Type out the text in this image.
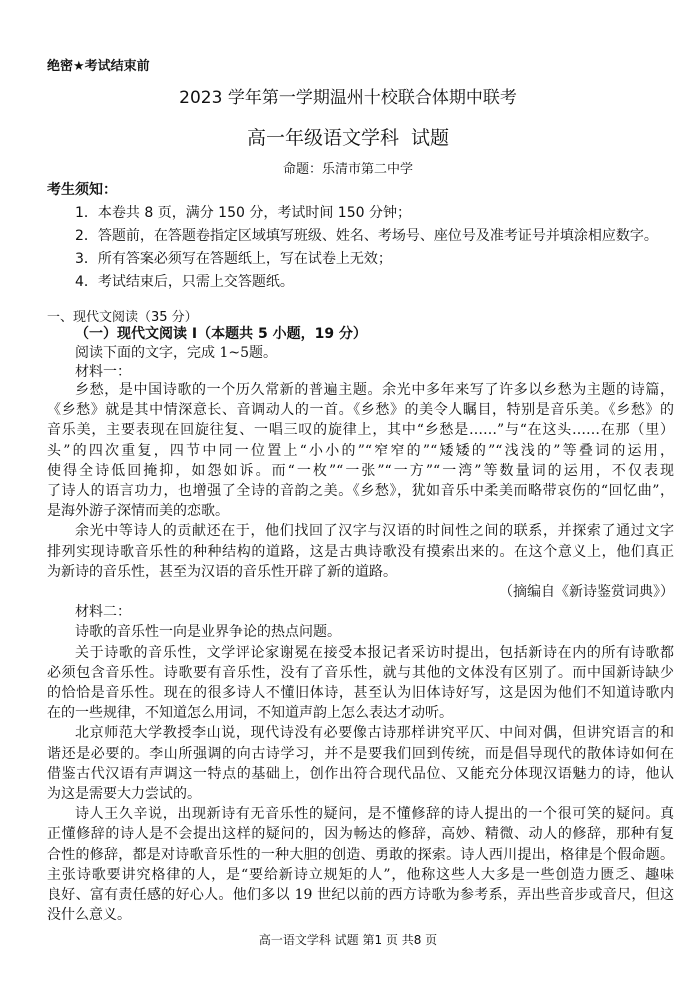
绝密★考试结束前
2023 学年第一学期温州十校联合体期中联考
高一年级语文学科  试题
命题：乐清市第二中学
考生须知：
1．本卷共 8 页，满分 150 分，考试时间 150 分钟；
2．答题前，在答题卷指定区域填写班级、姓名、考场号、座位号及准考证号并填涂相应数字。
3．所有答案必须写在答题纸上，写在试卷上无效；
4．考试结束后，只需上交答题纸。
一、现代文阅读（35 分）
（一）现代文阅读 I（本题共 5 小题，19 分）
阅读下面的文字，完成 1~5题。
材料一：
乡愁，是中国诗歌的一个历久常新的普遍主题。余光中多年来写了许多以乡愁为主题的诗篇，
《乡愁》就是其中情深意长、音调动人的一首。《乡愁》的美令人瞩目，特别是音乐美。《乡愁》的
音乐美，主要表现在回旋往复、一唱三叹的旋律上，其中“乡愁是……”与“在这头……在那（里）
头”的四次重复，四节中同一位置上“小小的”“窄窄的”“矮矮的”“浅浅的”等叠词的运用，
使得全诗低回掩抑，如怨如诉。而“一枚”“一张”“一方”“一湾”等数量词的运用，不仅表现
了诗人的语言功力，也增强了全诗的音韵之美。《乡愁》，犹如音乐中柔美而略带哀伤的“回忆曲”，
是海外游子深情而美的恋歌。
余光中等诗人的贡献还在于，他们找回了汉字与汉语的时间性之间的联系，并探索了通过文字
排列实现诗歌音乐性的种种结构的道路，这是古典诗歌没有摸索出来的。在这个意义上，他们真正
为新诗的音乐性，甚至为汉语的音乐性开辟了新的道路。
（摘编自《新诗鉴赏词典》）
材料二：
诗歌的音乐性一向是业界争论的热点问题。
关于诗歌的音乐性，文学评论家谢冕在接受本报记者采访时提出，包括新诗在内的所有诗歌都
必须包含音乐性。诗歌要有音乐性，没有了音乐性，就与其他的文体没有区别了。而中国新诗缺少
的恰恰是音乐性。现在的很多诗人不懂旧体诗，甚至认为旧体诗好写，这是因为他们不知道诗歌内
在的一些规律，不知道怎么用词，不知道声韵上怎么表达才动听。
北京师范大学教授李山说，现代诗没有必要像古诗那样讲究平仄、中间对偶，但讲究语言的和
谐还是必要的。李山所强调的向古诗学习，并不是要我们回到传统，而是倡导现代的散体诗如何在
借鉴古代汉语有声调这一特点的基础上，创作出符合现代品位、又能充分体现汉语魅力的诗，他认
为这是需要大力尝试的。
诗人王久辛说，出现新诗有无音乐性的疑问，是不懂修辞的诗人提出的一个很可笑的疑问。真
正懂修辞的诗人是不会提出这样的疑问的，因为畅达的修辞，高妙、精微、动人的修辞，那种有复
合性的修辞，都是对诗歌音乐性的一种大胆的创造、勇敢的探索。诗人西川提出，格律是个假命题。
主张诗歌要讲究格律的人，是“要给新诗立规矩的人”，他称这些人大多是一些创造力匮乏、趣味
良好、富有责任感的好心人。他们多以 19 世纪以前的西方诗歌为参考系，弄出些音步或音尺，但这
没什么意义。
高一语文学科 试题 第1 页 共8 页
